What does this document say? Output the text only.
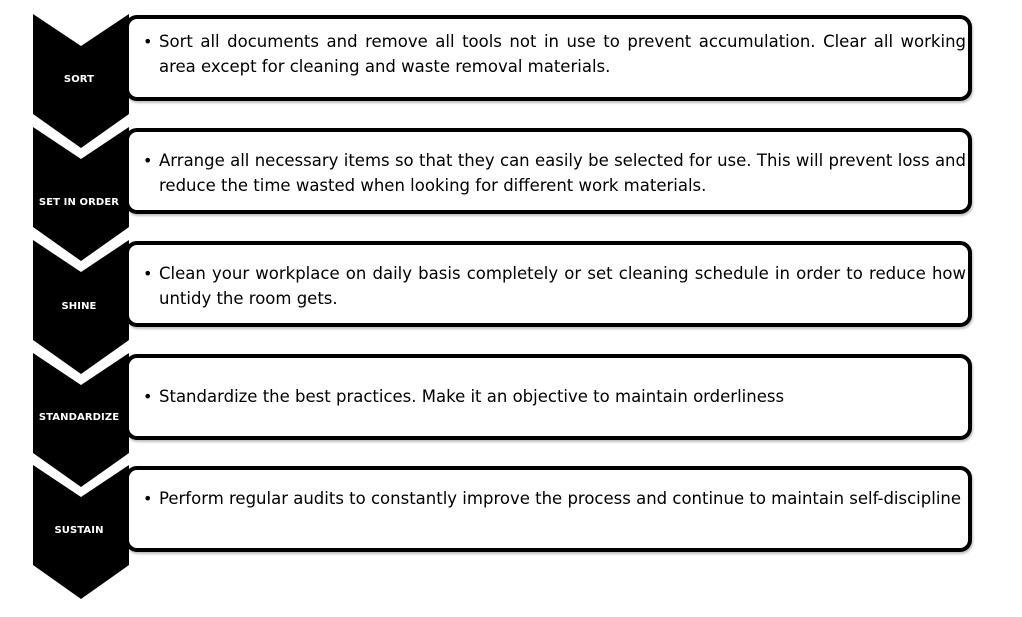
SORT
• Sort all documents and remove all tools not in use to prevent accumulation. Clear all working area except for cleaning and waste removal materials.
SET IN ORDER
• Arrange all necessary items so that they can easily be selected for use. This will prevent loss and reduce the time wasted when looking for different work materials.
SHINE
• Clean your workplace on daily basis completely or set cleaning schedule in order to reduce how untidy the room gets.
STANDARDIZE
• Standardize the best practices. Make it an objective to maintain orderliness
SUSTAIN
• Perform regular audits to constantly improve the process and continue to maintain self-discipline
